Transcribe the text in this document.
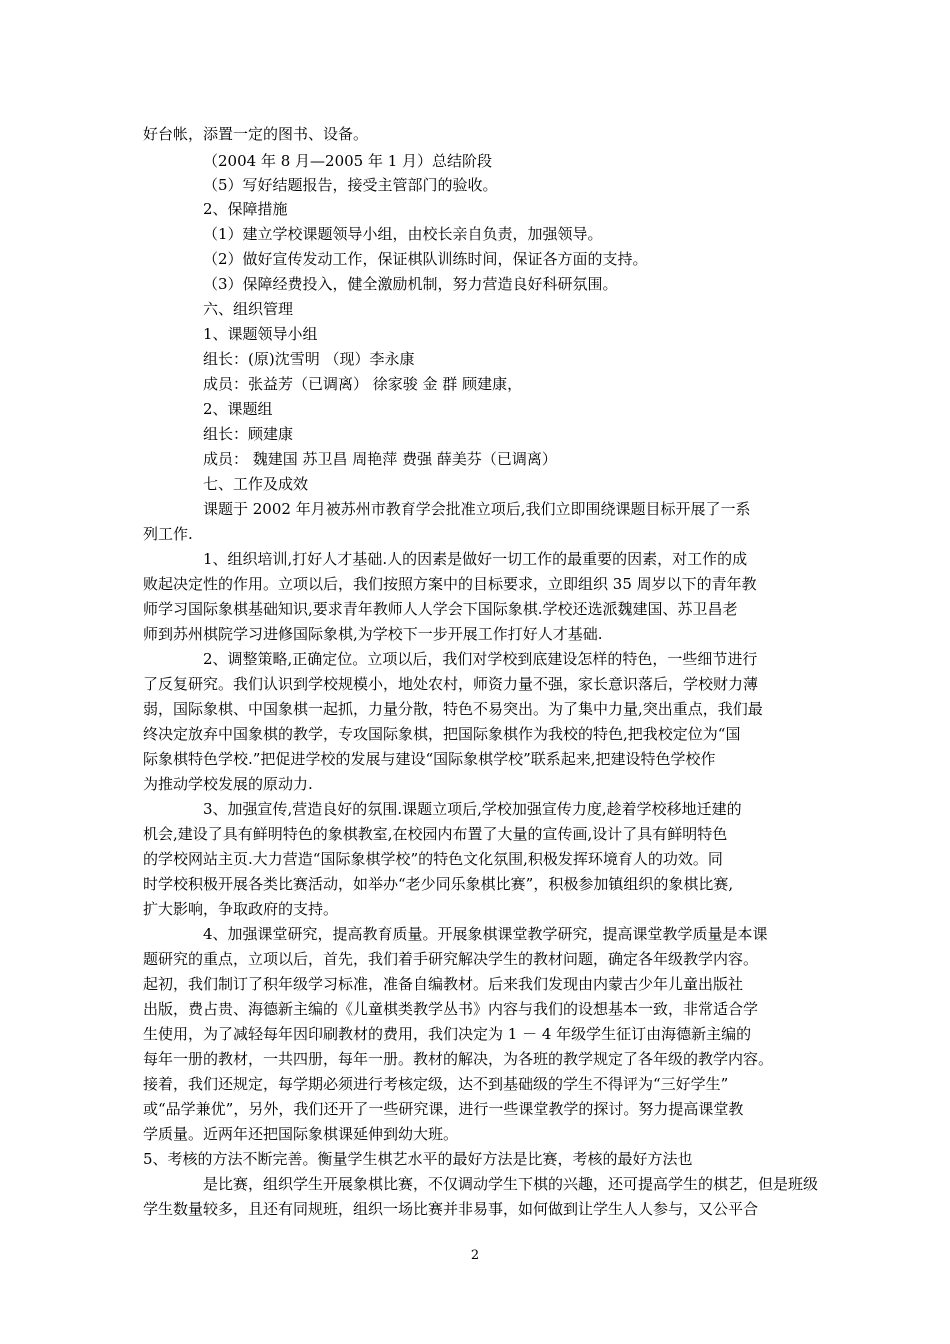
好台帐，添置一定的图书、设备。
（2004 年 8 月—2005 年 1 月）总结阶段
（5）写好结题报告，接受主管部门的验收。
2、保障措施
（1）建立学校课题领导小组，由校长亲自负责，加强领导。
（2）做好宣传发动工作，保证棋队训练时间，保证各方面的支持。
（3）保障经费投入，健全激励机制，努力营造良好科研氛围。
六、组织管理
1、课题领导小组
组长：(原)沈雪明 （现）李永康
成员：张益芳（已调离） 徐家骏 金 群 顾建康，
2、课题组
组长：顾建康
成员： 魏建国 苏卫昌 周艳萍 费强 薛美芬（已调离）
七、工作及成效
课题于 2002 年月被苏州市教育学会批准立项后,我们立即围绕课题目标开展了一系
列工作.
1、组织培训,打好人才基础.人的因素是做好一切工作的最重要的因素，对工作的成
败起决定性的作用。立项以后，我们按照方案中的目标要求，立即组织 35 周岁以下的青年教
师学习国际象棋基础知识,要求青年教师人人学会下国际象棋.学校还选派魏建国、苏卫昌老
师到苏州棋院学习进修国际象棋,为学校下一步开展工作打好人才基础.
2、调整策略,正确定位。立项以后，我们对学校到底建设怎样的特色，一些细节进行
了反复研究。我们认识到学校规模小，地处农村，师资力量不强，家长意识落后，学校财力薄
弱，国际象棋、中国象棋一起抓，力量分散，特色不易突出。为了集中力量,突出重点，我们最
终决定放弃中国象棋的教学，专攻国际象棋，把国际象棋作为我校的特色,把我校定位为“国
际象棋特色学校.”把促进学校的发展与建设“国际象棋学校”联系起来,把建设特色学校作
为推动学校发展的原动力.
3、加强宣传,营造良好的氛围.课题立项后,学校加强宣传力度,趁着学校移地迁建的
机会,建设了具有鲜明特色的象棋教室,在校园内布置了大量的宣传画,设计了具有鲜明特色
的学校网站主页.大力营造“国际象棋学校”的特色文化氛围,积极发挥环境育人的功效。同
时学校积极开展各类比赛活动，如举办“老少同乐象棋比赛”，积极参加镇组织的象棋比赛,
扩大影响，争取政府的支持。
4、加强课堂研究，提高教育质量。开展象棋课堂教学研究，提高课堂教学质量是本课
题研究的重点，立项以后，首先，我们着手研究解决学生的教材问题，确定各年级教学内容。
起初，我们制订了积年级学习标准，准备自编教材。后来我们发现由内蒙古少年儿童出版社
出版，费占贵、海德新主编的《儿童棋类教学丛书》内容与我们的设想基本一致，非常适合学
生使用，为了减轻每年因印刷教材的费用，我们决定为 1 － 4 年级学生征订由海德新主编的
每年一册的教材，一共四册，每年一册。教材的解决，为各班的教学规定了各年级的教学内容。
接着，我们还规定，每学期必须进行考核定级，达不到基础级的学生不得评为“三好学生”
或“品学兼优”，另外，我们还开了一些研究课，进行一些课堂教学的探讨。努力提高课堂教
学质量。近两年还把国际象棋课延伸到幼大班。
5、考核的方法不断完善。衡量学生棋艺水平的最好方法是比赛，考核的最好方法也
是比赛，组织学生开展象棋比赛，不仅调动学生下棋的兴趣，还可提高学生的棋艺，但是班级
学生数量较多，且还有同规班，组织一场比赛并非易事，如何做到让学生人人参与，又公平合
2
